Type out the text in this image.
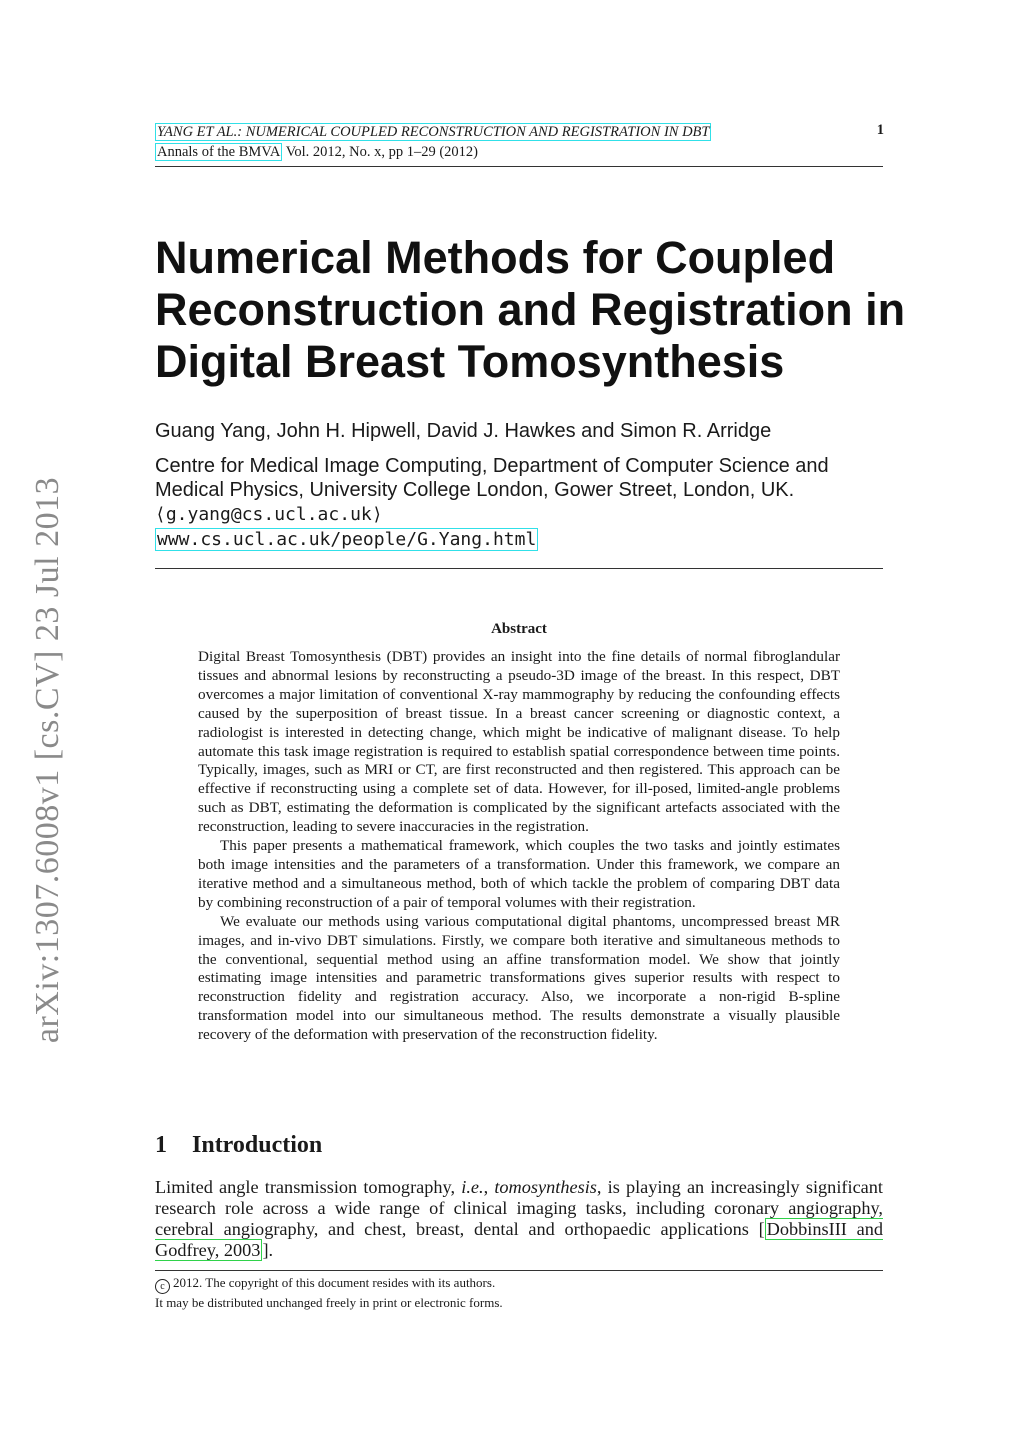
arXiv:1307.6008v1 [cs.CV] 23 Jul 2013
YANG ET AL.: NUMERICAL COUPLED RECONSTRUCTION AND REGISTRATION IN DBT
Annals of the BMVA Vol. 2012, No. x, pp 1–29 (2012)
1
Numerical Methods for Coupled
Reconstruction and Registration in
Digital Breast Tomosynthesis
Guang Yang, John H. Hipwell, David J. Hawkes and Simon R. Arridge
Centre for Medical Image Computing, Department of Computer Science and
Medical Physics, University College London, Gower Street, London, UK.
⟨g.yang@cs.ucl.ac.uk⟩
www.cs.ucl.ac.uk/people/G.Yang.html
Abstract

Digital Breast Tomosynthesis (DBT) provides an insight into the fine details of normal fibroglandular tissues and abnormal lesions by reconstructing a pseudo-3D image of the breast. In this respect, DBT overcomes a major limitation of conventional X-ray mammography by reducing the confounding effects caused by the superposition of breast tissue. In a breast cancer screening or diagnostic context, a radiologist is interested in detecting change, which might be indicative of malignant disease. To help automate this task image registration is required to establish spatial correspondence between time points. Typically, images, such as MRI or CT, are first reconstructed and then registered. This approach can be effective if reconstructing using a complete set of data. However, for ill-posed, limited-angle problems such as DBT, estimating the deformation is complicated by the significant artefacts associated with the reconstruction, leading to severe inaccuracies in the registration.

This paper presents a mathematical framework, which couples the two tasks and jointly estimates both image intensities and the parameters of a transformation. Under this framework, we compare an iterative method and a simultaneous method, both of which tackle the problem of comparing DBT data by combining reconstruction of a pair of temporal volumes with their registration.

We evaluate our methods using various computational digital phantoms, uncompressed breast MR images, and in-vivo DBT simulations. Firstly, we compare both iterative and simultaneous methods to the conventional, sequential method using an affine transformation model. We show that jointly estimating image intensities and parametric transformations gives superior results with respect to reconstruction fidelity and registration accuracy. Also, we incorporate a non-rigid B-spline transformation model into our simultaneous method. The results demonstrate a visually plausible recovery of the deformation with preservation of the reconstruction fidelity.

1 Introduction

Limited angle transmission tomography, i.e., tomosynthesis, is playing an increasingly significant research role across a wide range of clinical imaging tasks, including coronary angiography, cerebral angiography, and chest, breast, dental and orthopaedic applications [ DobbinsIII and Godfrey, 2003 ].

c 2012. The copyright of this document resides with its authors.
It may be distributed unchanged freely in print or electronic forms.
